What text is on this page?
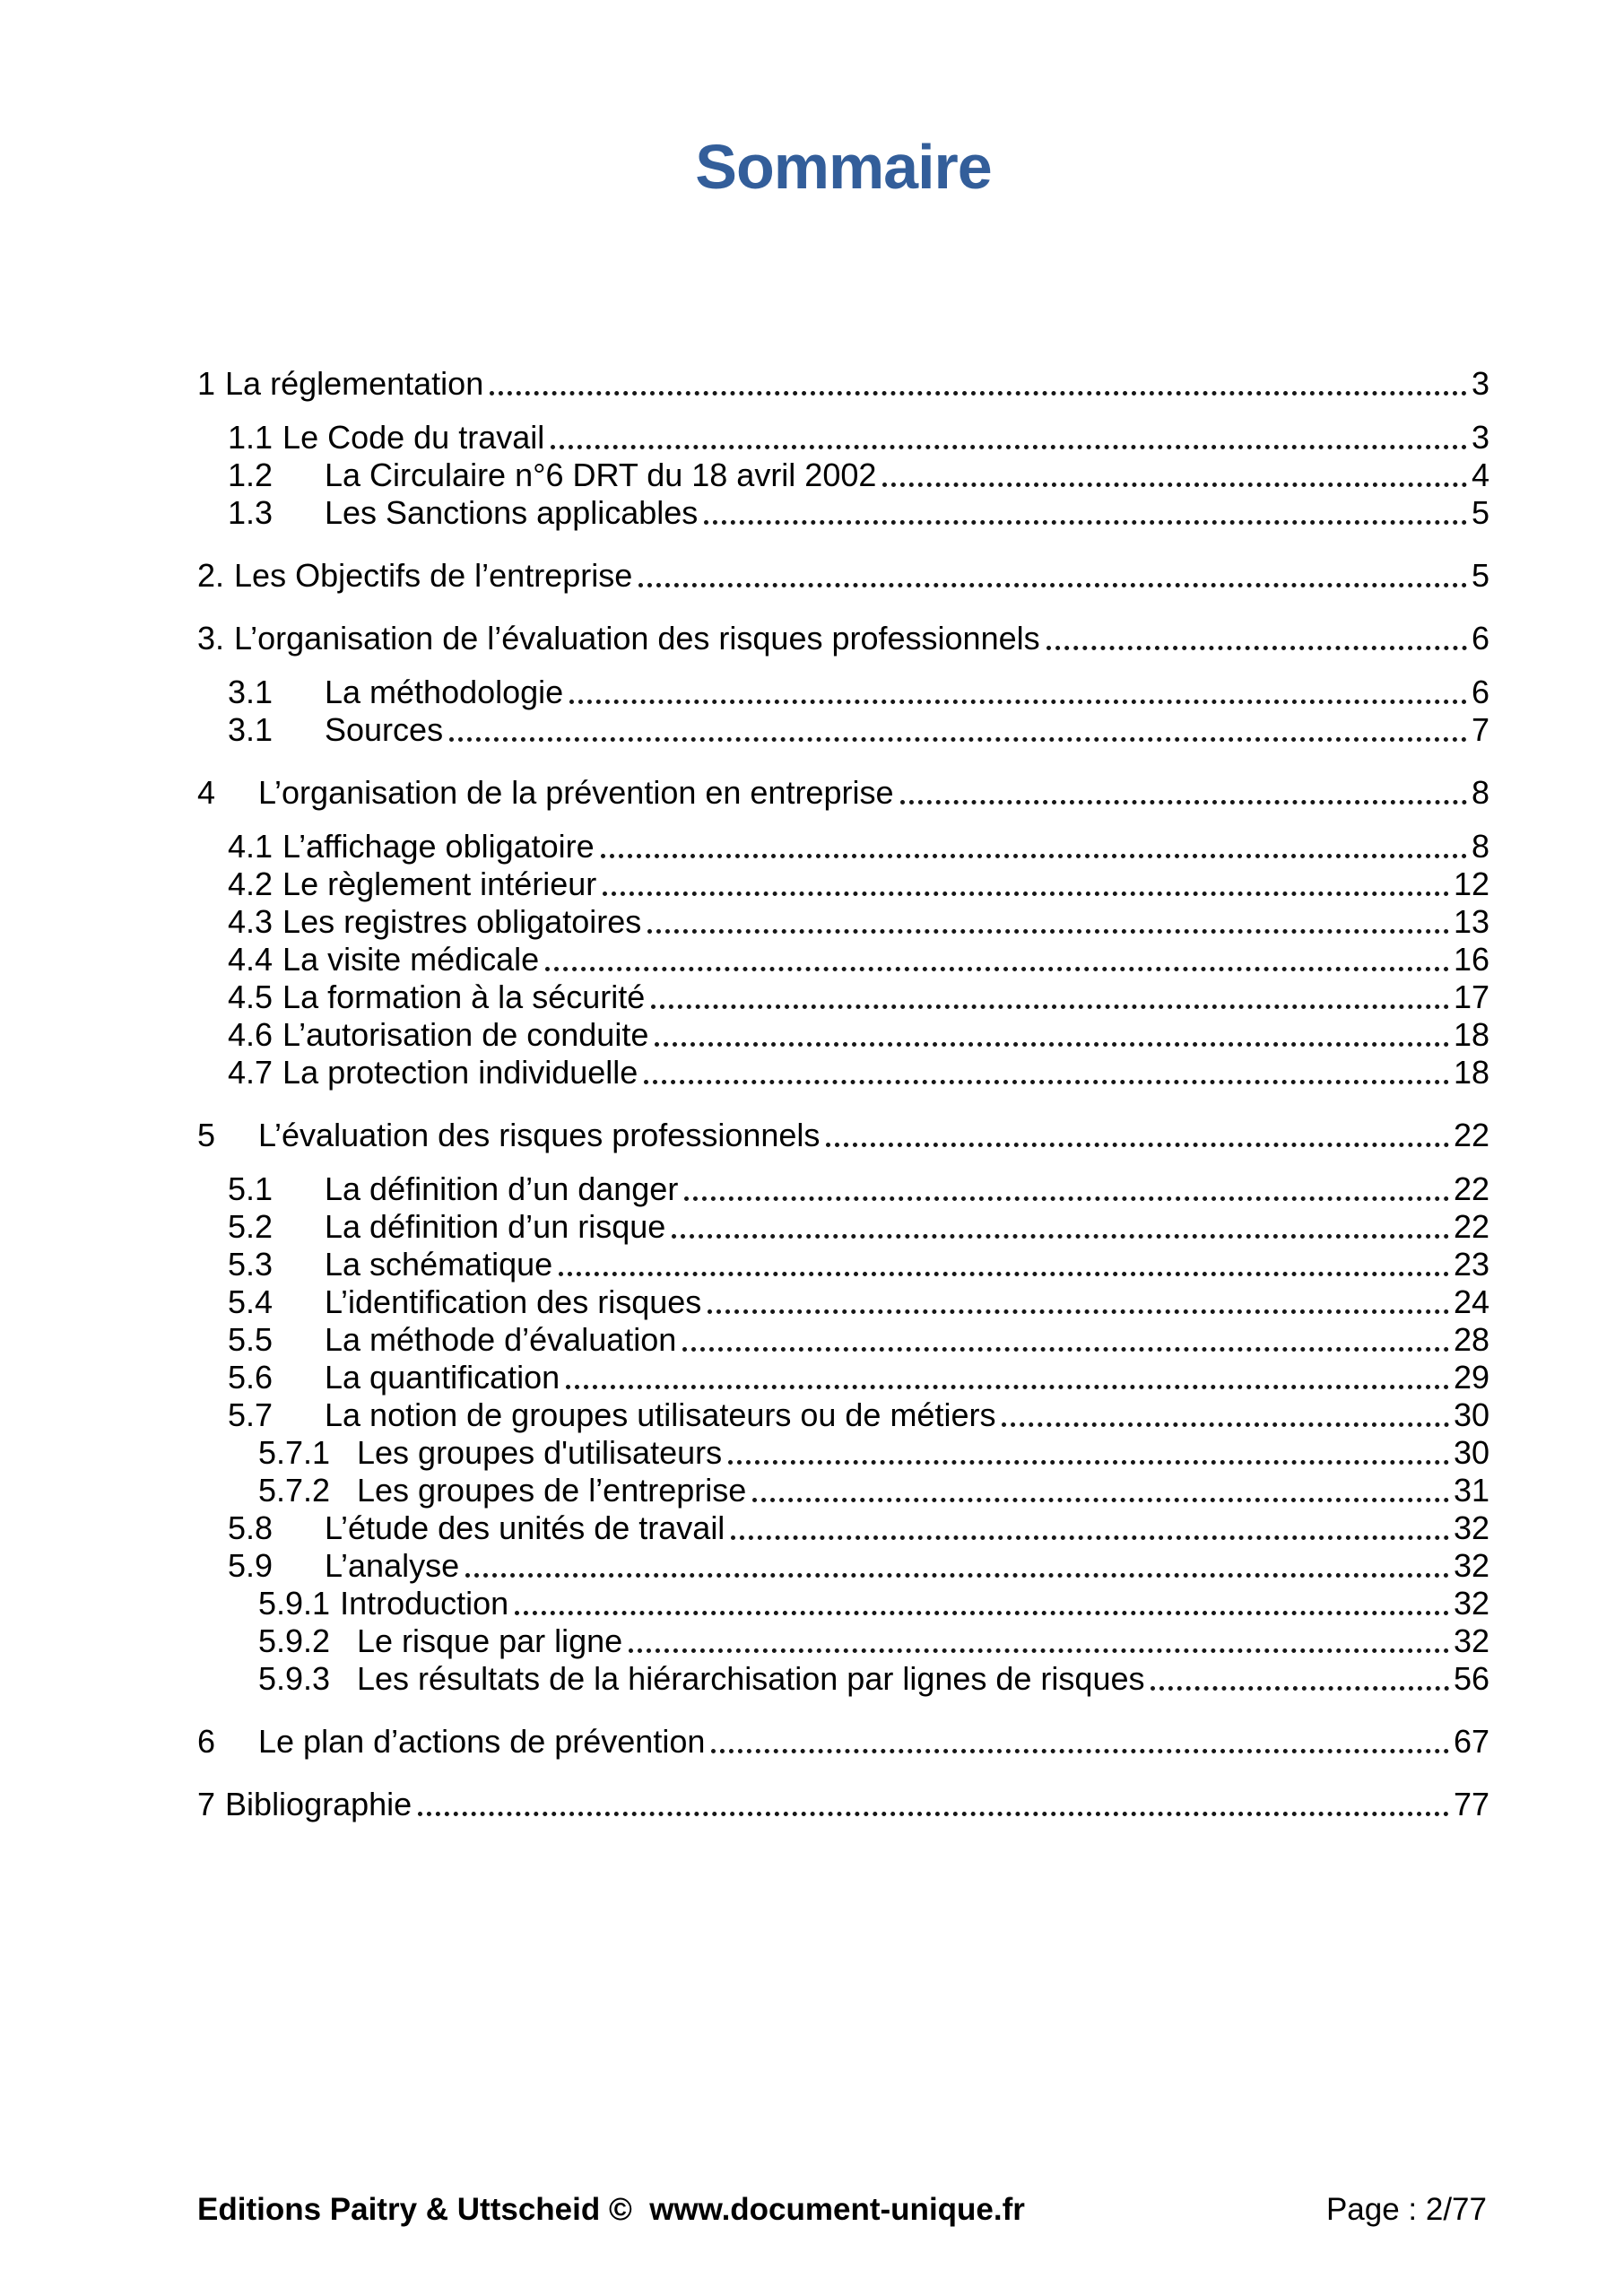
Sommaire
1 La réglementation	3
1.1 Le Code du travail	3
1.2 La Circulaire n°6 DRT du 18 avril 2002	4
1.3 Les Sanctions applicables	5
2. Les Objectifs de l’entreprise	5
3. L’organisation de l’évaluation des risques professionnels	6
3.1 La méthodologie	6
3.1 Sources	7
4 L’organisation de la prévention en entreprise	8
4.1 L’affichage obligatoire	8
4.2 Le règlement intérieur	12
4.3 Les registres obligatoires	13
4.4 La visite médicale	16
4.5 La formation à la sécurité	17
4.6 L’autorisation de conduite	18
4.7 La protection individuelle	18
5 L’évaluation des risques professionnels	22
5.1 La définition d’un danger	22
5.2 La définition d’un risque	22
5.3 La schématique	23
5.4 L’identification des risques	24
5.5 La méthode d’évaluation	28
5.6 La quantification	29
5.7 La notion de groupes utilisateurs ou de métiers	30
5.7.1 Les groupes d'utilisateurs	30
5.7.2 Les groupes de l’entreprise	31
5.8 L’étude des unités de travail	32
5.9 L’analyse	32
5.9.1 Introduction	32
5.9.2 Le risque par ligne	32
5.9.3 Les résultats de la hiérarchisation par lignes de risques	56
6 Le plan d’actions de prévention	67
7 Bibliographie	77
Editions Paitry & Uttscheid ©  www.document-unique.fr	Page : 2/77
